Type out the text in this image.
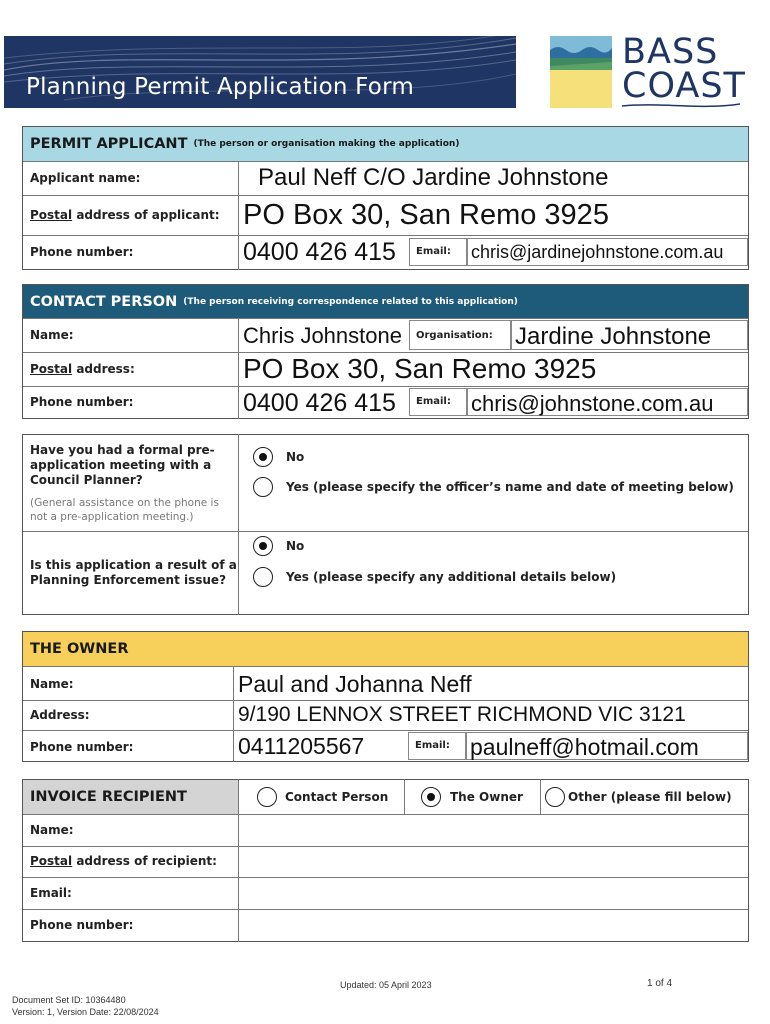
Planning Permit Application Form
BASS
COAST
PERMIT APPLICANT (The person or organisation making the application)
Applicant name:	Paul Neff C/O Jardine Johnstone
Postal address of applicant: PO Box 30, San Remo 3925
Phone number:	0400 426 415 Email: chris@jardinejohnstone.com.au
CONTACT PERSON (The person receiving correspondence related to this application)
Name:	Chris Johnstone Organisation: Jardine Johnstone
Postal address:	PO Box 30, San Remo 3925
Phone number:	0400 426 415 Email: chris@johnstone.com.au
Have you had a formal pre-
application meeting with a
Council Planner?
(General assistance on the phone is
not a pre-application meeting.)
No
Yes (please specify the officer’s name and date of meeting below)
Is this application a result of a
Planning Enforcement issue?
No
Yes (please specify any additional details below)
THE OWNER
Name:	Paul and Johanna Neff
Address:	9/190 LENNOX STREET RICHMOND VIC 3121
Phone number:	0411205567	Email: paulneff@hotmail.com
INVOICE RECIPIENT	Contact Person	The Owner	Other (please fill below)
Name:
Postal address of recipient:
Email:
Phone number:
Updated: 05 April 2023	1 of 4
Document Set ID: 10364480
Version: 1, Version Date: 22/08/2024
